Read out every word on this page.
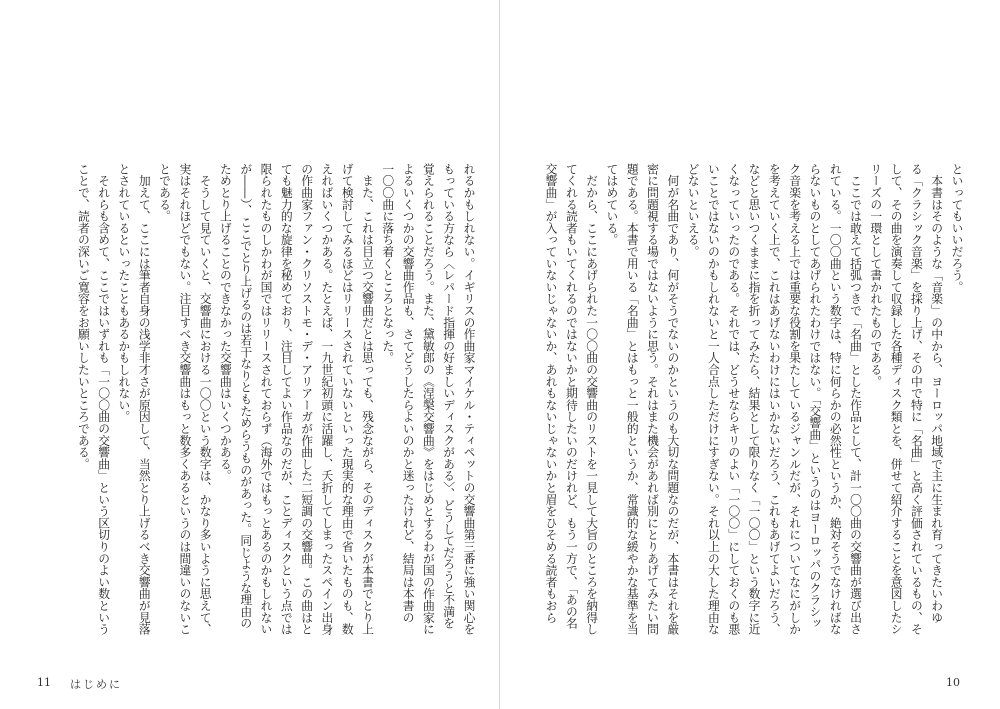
といってもいいだろう。
　本書はそのような「音楽」の中から、ヨーロッパ地域で主に生まれ育ってきたいわゆ
る「クラシック音楽」を採り上げ、その中で特に「名曲」と高く評価されているもの、そ
して、その曲を演奏して収録した各種ディスク類とを、併せて紹介することを意図したシ
リーズの一環として書かれたものである。
　ここでは敢えて括弧つきで「名曲」とした作品として、計一〇〇曲の交響曲が選び出さ
れている。一〇〇曲という数字は、特に何らかの必然性というか、絶対そうでなければな
らないものとしてあげられたわけではない。「交響曲」というのはヨーロッパのクラシッ
ク音楽を考える上では重要な役割を果たしているジャンルだが、それについてなにがしか
を考えていく上で、これはあげないわけにはいかないだろう、これもあげてよいだろう、
などと思いつくままに指を折ってみたら、結果として限りなく「一〇〇」という数字に近
くなっていったのである。それでは、どうせならキリのよい「一〇〇」にしておくのも悪
いことではないのかもしれないと一人合点しただけにすぎない。それ以上の大した理由な
どないといえる。
　何が名曲であり、何がそうでないのかというのも大切な問題なのだが、本書はそれを厳
密に問題視する場ではないように思う。それはまた機会があれば別にとりあげてみたい問
題である。本書で用いる「名曲」とはもっと一般的というか、常識的な緩やかな基準を当
てはめている。
　だから、ここにあげられた一〇〇曲の交響曲のリストを一見して大旨のところを納得し
てくれる読者もいてくれるのではないかと期待したいのだけれど、もう一方で、「あの名
交響曲」が入っていないじゃないか、あれもないじゃないかと眉をひそめる読者もおら
れるかもしれない。イギリスの作曲家マイケル・ティペットの交響曲第三番に強い関心を
もっている方なら〈レパード指揮の好ましいディスクがある〉、どうしてだろうと不満を
覚えられることだろう。また、黛敏郎の《涅槃交響曲》をはじめとするわが国の作曲家に
よるいくつかの交響曲作品も、さてどうしたらよいのかと迷ったけれど、結局は本書の
一〇〇曲に落ち着くところとなった。
　また、これは目立つ交響曲だとは思っても、残念ながら、そのディスクが本書でとり上
げて検討してみるほどはリリースされていないといった現実的な理由で省いたものも、数
えればいくつかある。たとえば、一九世紀初頭に活躍し、夭折してしまったスペイン出身
の作曲家ファン・クリソストモ・デ・アリアーガが作曲した二短調の交響曲。この曲はと
ても魅力的な旋律を秘めており、注目してよい作品なのだが、ことディスクという点では
限られたものしかわが国ではリリースされておらず（海外ではもっとあるのかもしれない
が――）、ここでとり上げるのは若干なりともためらうものがあった。同じような理由の
ためとり上げることのできなかった交響曲はいくつかある。
　そうして見ていくと、交響曲における一〇〇という数字は、かなり多いように思えて、
実はそれほどでもない。注目すべき交響曲はもっと数多くあるというのは間違いのないこ
とである。
　加えて、ここには筆者自身の浅学非才さが原因して、当然とり上げるべき交響曲が見落
とされているといったこともあるかもしれない。
　それらも含めて、ここではいずれも「一〇〇曲の交響曲」という区切りのよい数という
ことで、読者の深いご寛容をお願いしたいところである。
11 はじめに	10
